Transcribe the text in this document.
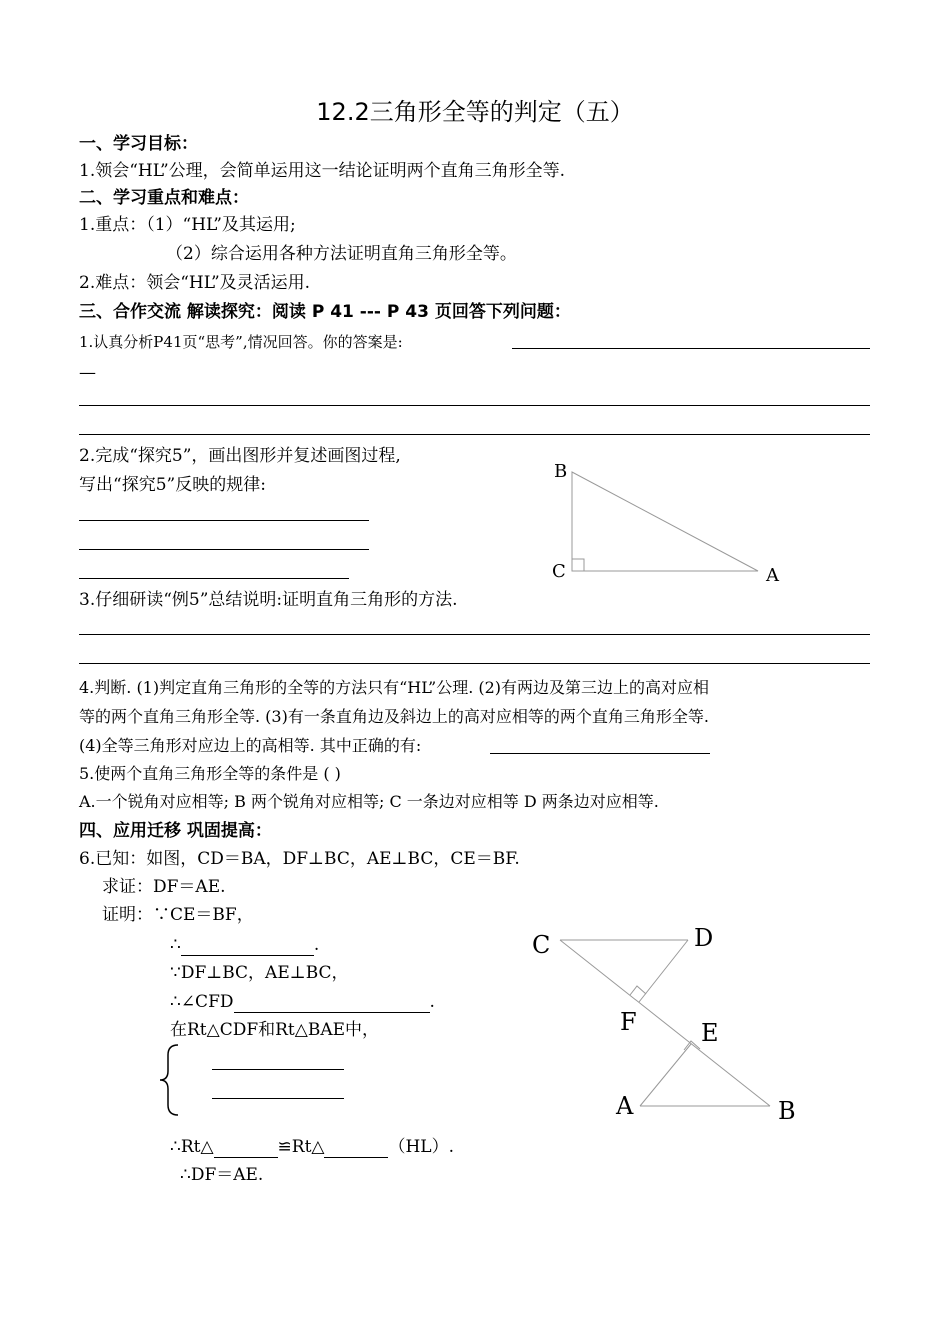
12.2三角形全等的判定（五）
一、学习目标：
1.领会“HL”公理，会简单运用这一结论证明两个直角三角形全等.
二、学习重点和难点：
1.重点：（1）“HL”及其运用;
（2）综合运用各种方法证明直角三角形全等。
2.难点：领会“HL”及灵活运用.
三、合作交流 解读探究：阅读 P 41 --- P 43 页回答下列问题：
1.认真分析P41页“思考”,情况回答。你的答案是:
—
2.完成“探究5”，画出图形并复述画图过程,
写出“探究5”反映的规律:
B
C	A
3.仔细研读“例5”总结说明:证明直角三角形的方法.
4.判断. (1)判定直角三角形的全等的方法只有“HL”公理. (2)有两边及第三边上的高对应相
等的两个直角三角形全等. (3)有一条直角边及斜边上的高对应相等的两个直角三角形全等.
(4)全等三角形对应边上的高相等. 其中正确的有:
5.使两个直角三角形全等的条件是 ( )
A.一个锐角对应相等; B 两个锐角对应相等; C 一条边对应相等 D 两条边对应相等.
四、应用迁移 巩固提高：
6.已知：如图，CD＝BA，DF⊥BC，AE⊥BC，CE＝BF.
求证：DF＝AE.
证明：∵CE＝BF，
∴	.
∵DF⊥BC，AE⊥BC，
∴∠CFD	.
在Rt△CDF和Rt△BAE中，
∴Rt△	≌Rt△	（HL）.
∴DF＝AE.
C	D
F	E
A	B
